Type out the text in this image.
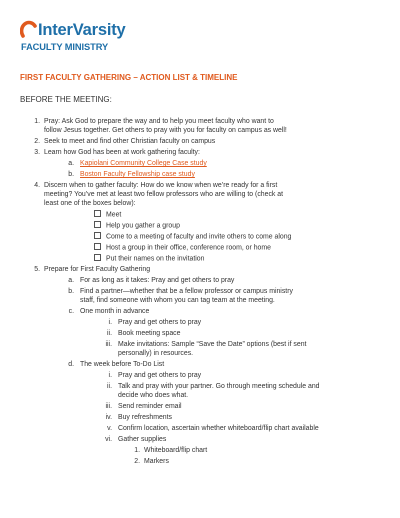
InterVarsity
FACULTY MINISTRY
FIRST FACULTY GATHERING – ACTION LIST & TIMELINE
BEFORE THE MEETING:
1. Pray: Ask God to prepare the way and to help you meet faculty who want to
follow Jesus together. Get others to pray with you for faculty on campus as well!
2. Seek to meet and find other Christian faculty on campus
3. Learn how God has been at work gathering faculty:
a. Kapiolani Community College Case study
b. Boston Faculty Fellowship case study
4. Discern when to gather faculty: How do we know when we’re ready for a first
meeting? You’ve met at least two fellow professors who are willing to (check at
least one of the boxes below):
Meet
Help you gather a group
Come to a meeting of faculty and invite others to come along
Host a group in their office, conference room, or home
Put their names on the invitation
5. Prepare for First Faculty Gathering
a. For as long as it takes: Pray and get others to pray
b. Find a partner—whether that be a fellow professor or campus ministry
staff, find someone with whom you can tag team at the meeting.
c. One month in advance
i. Pray and get others to pray
ii. Book meeting space
iii. Make invitations: Sample “Save the Date” options (best if sent
personally) in resources.
d. The week before To-Do List
i. Pray and get others to pray
ii. Talk and pray with your partner. Go through meeting schedule and
decide who does what.
iii. Send reminder email
iv. Buy refreshments
v. Confirm location, ascertain whether whiteboard/flip chart available
vi. Gather supplies
1. Whiteboard/flip chart
2. Markers
